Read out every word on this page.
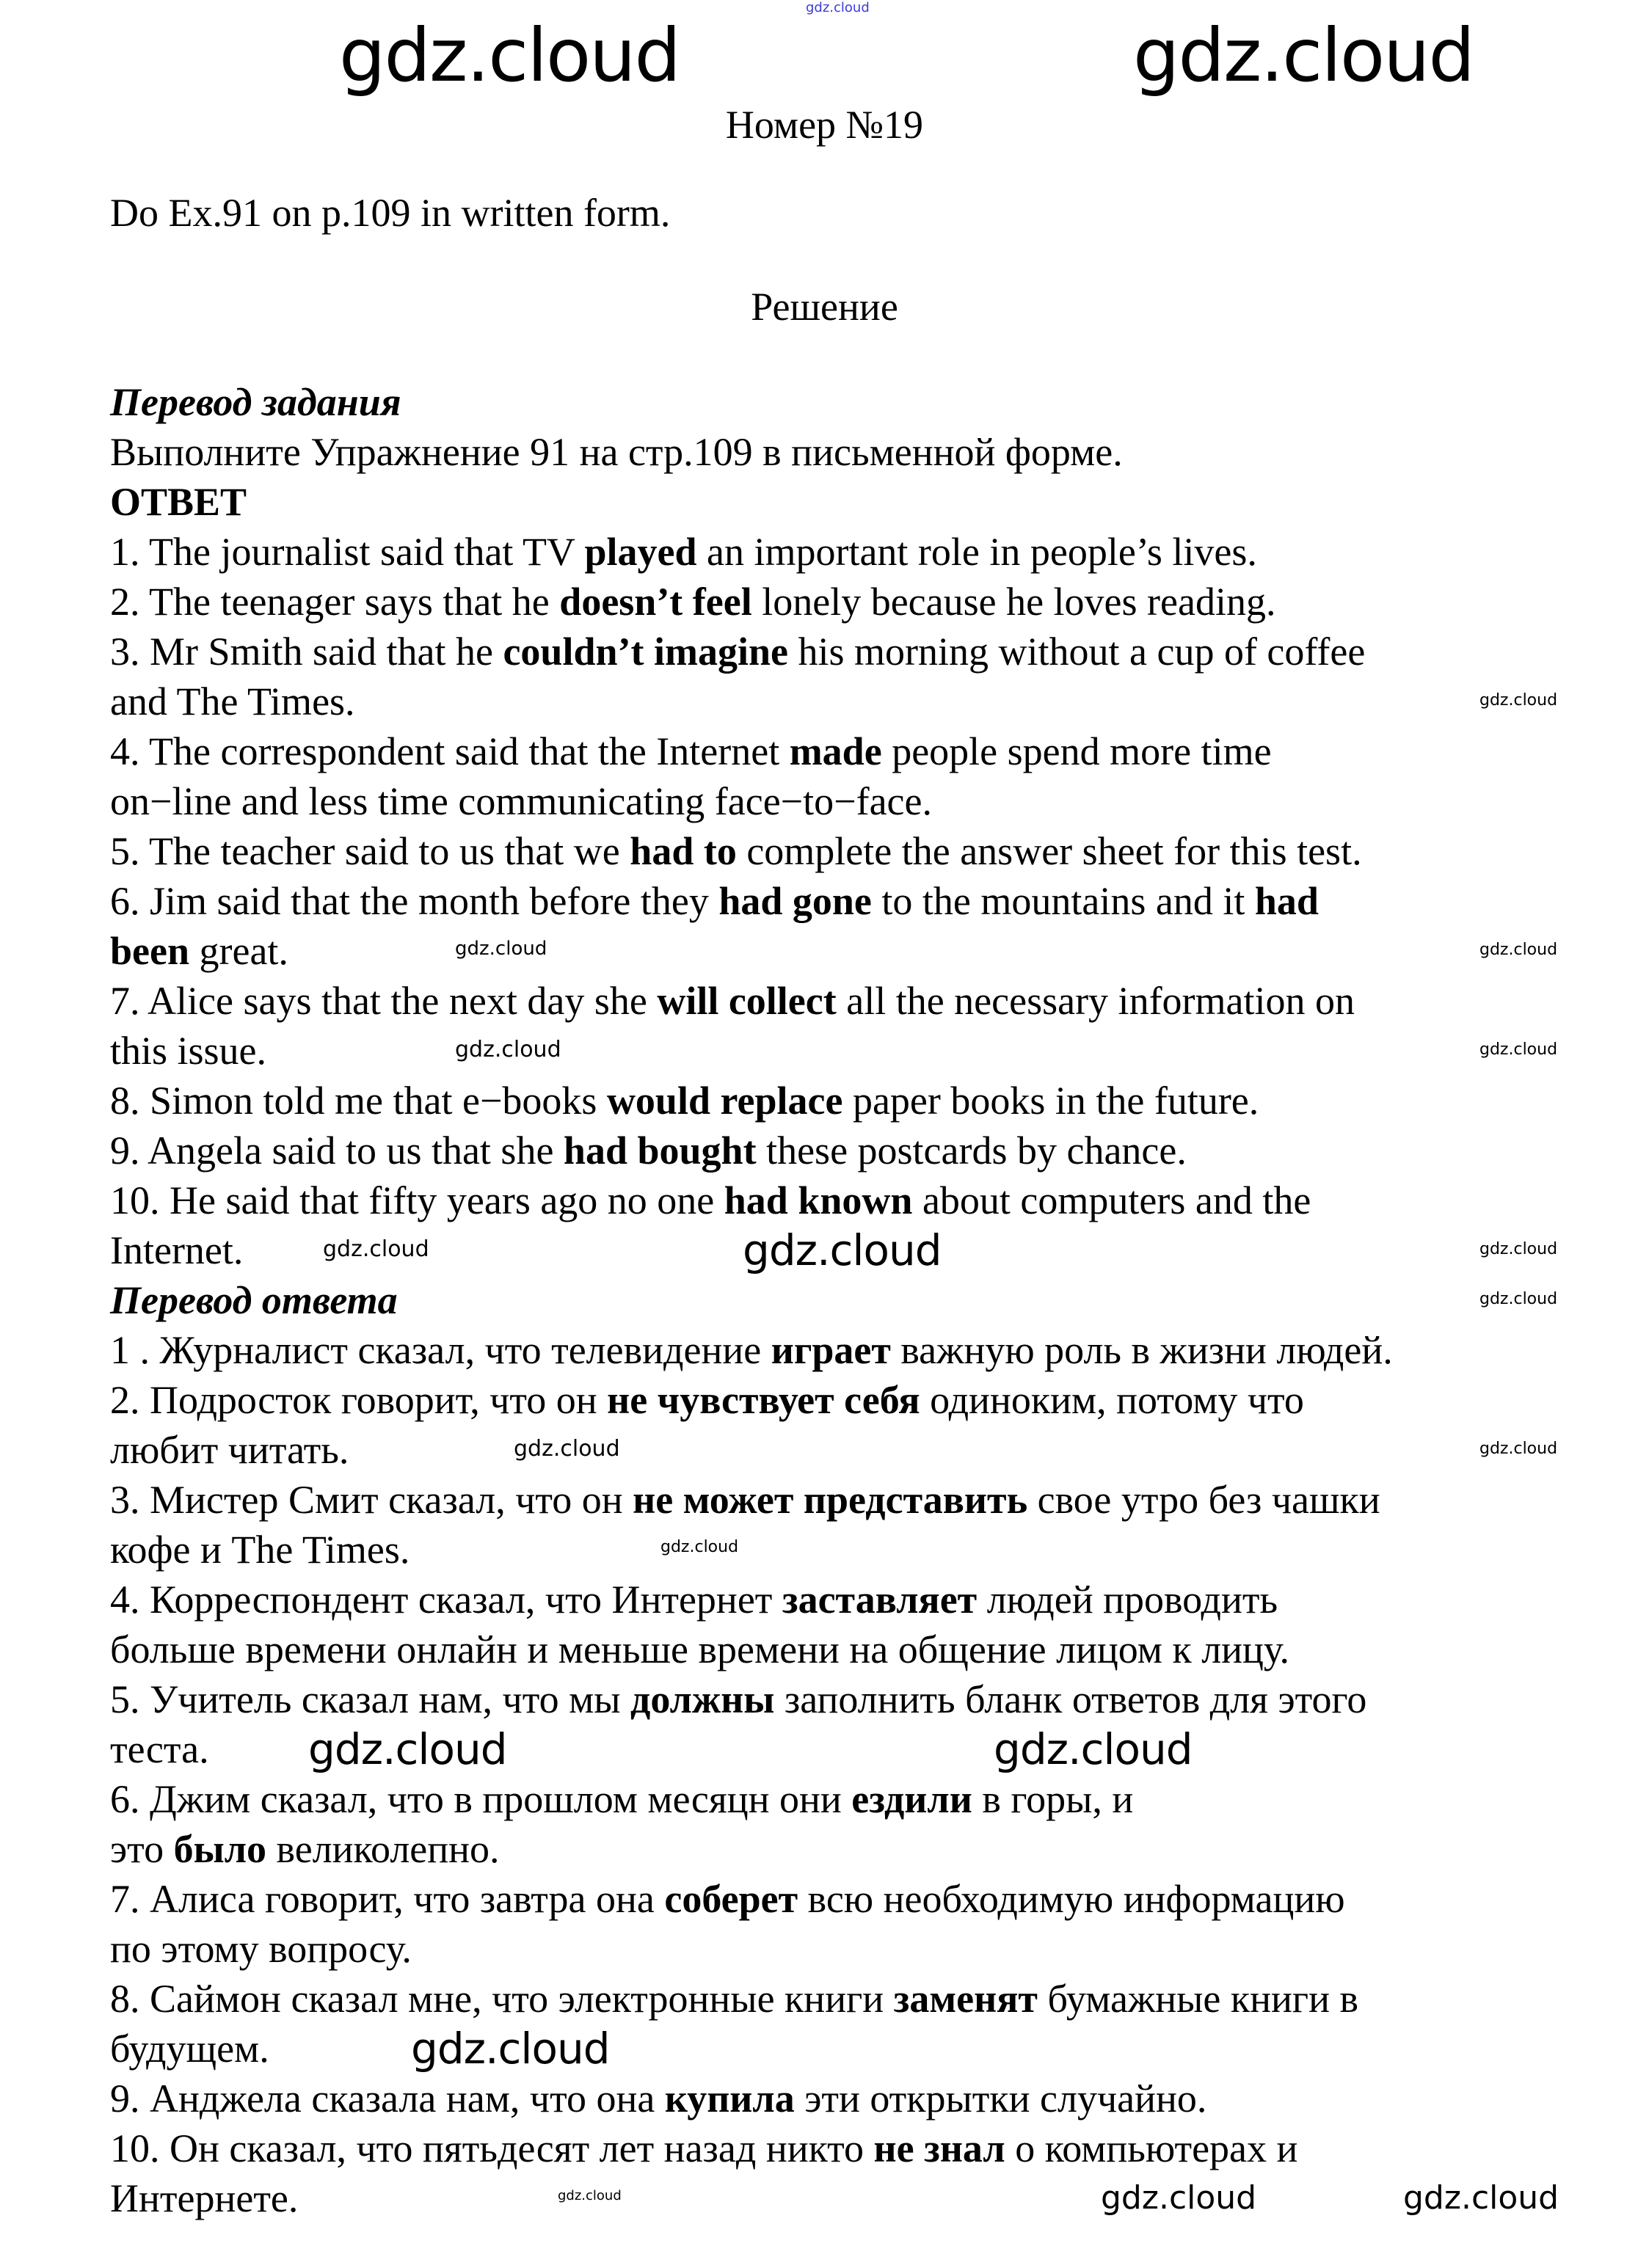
gdz.cloud
Номер №19
Do Ex.91 on p.109 in written form.
Решение
Перевод задания
Выполните Упражнение 91 на стр.109 в письменной форме.
ОТВЕТ
1. The journalist said that TV played an important role in people’s lives.
2. The teenager says that he doesn’t feel lonely because he loves reading.
3. Mr Smith said that he couldn’t imagine his morning without a cup of coffee
and The Times.
4. The correspondent said that the Internet made people spend more time
on−line and less time communicating face−to−face.
5. The teacher said to us that we had to complete the answer sheet for this test.
6. Jim said that the month before they had gone to the mountains and it had
been great.
7. Alice says that the next day she will collect all the necessary information on
this issue.
8. Simon told me that e−books would replace paper books in the future.
9. Angela said to us that she had bought these postcards by chance.
10. He said that fifty years ago no one had known about computers and the
Internet.
Перевод ответа
1 . Журналист сказал, что телевидение играет важную роль в жизни людей.
2. Подросток говорит, что он не чувствует себя одиноким, потому что
любит читать.
3. Мистер Смит сказал, что он не может представить свое утро без чашки
кофе и The Times.
4. Корреспондент сказал, что Интернет заставляет людей проводить
больше времени онлайн и меньше времени на общение лицом к лицу.
5. Учитель сказал нам, что мы должны заполнить бланк ответов для этого
теста.
6. Джим сказал, что в прошлом месяцн они ездили в горы, и
это было великолепно.
7. Алиса говорит, что завтра она соберет всю необходимую информацию
по этому вопросу.
8. Саймон сказал мне, что электронные книги заменят бумажные книги в
будущем.
9. Анджела сказала нам, что она купила эти открытки случайно.
10. Он сказал, что пятьдесят лет назад никто не знал о компьютерах и
Интернете.
gdz.cloud	gdz.cloud
gdz.cloud
gdz.cloud	gdz.cloud
gdz.cloud
gdz.cloud	gdz.cloud
gdz.cloud
gdz.cloud
gdz.cloud
gdz.cloud
gdz.cloud
gdz.cloud
gdz.cloud
gdz.cloud
gdz.cloud
gdz.cloud
gdz.cloud
gdz.cloud
